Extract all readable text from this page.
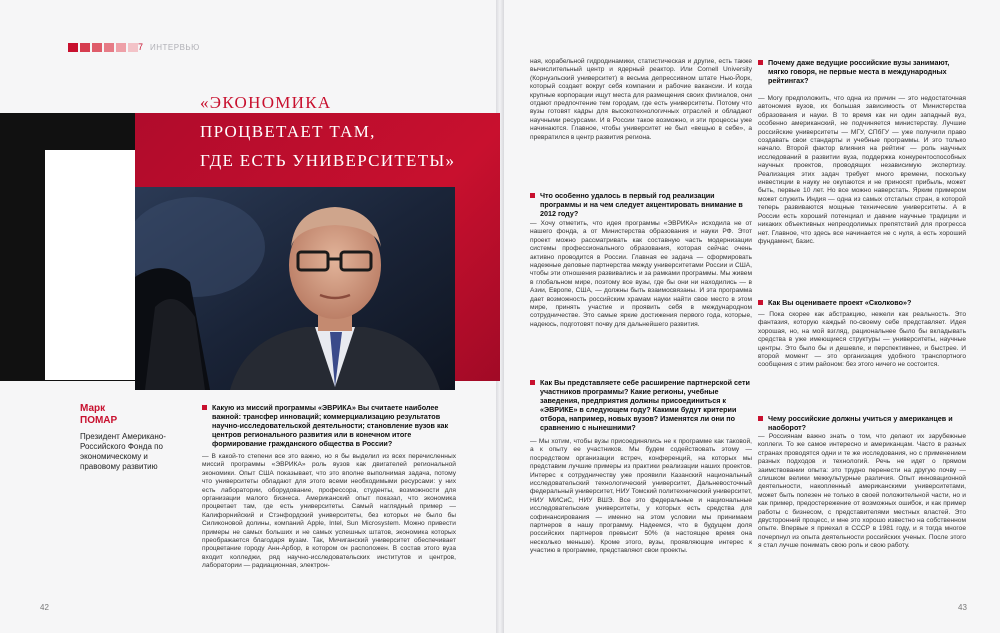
7 ИНТЕРВЬЮ
«ЭКОНОМИКА
ПРОЦВЕТАЕТ ТАМ,
ГДЕ ЕСТЬ УНИВЕРСИТЕТЫ»
Э ЭВРИКА
EURECA
Марк
ПОМАР
Президент Американо-Российского Фонда по экономическому и правовому развитию
Какую из миссий программы «ЭВРИКА» Вы считаете наиболее важной: трансфер инноваций; коммерциализацию результатов научно-исследовательской деятельности; становление вузов как центров регионального развития или в конечном итоге формирование гражданского общества в России?

— В какой-то степени все это важно, но я бы выделил из всех перечисленных миссий программы «ЭВРИКА» роль вузов как двигателей региональной экономики. Опыт США показывает, что это вполне выполнимая задача, потому что университеты обладают для этого всеми необходимыми ресурсами: у них есть лаборатории, оборудование, профессора, студенты, возможности для организации малого бизнеса. Американский опыт показал, что экономика процветает там, где есть университеты. Самый наглядный пример — Калифорнийский и Стэнфордский университеты, без которых не было бы Силиконовой долины, компаний Apple, Intel, Sun Microsystem. Можно привести примеры не самых больших и не самых успешных штатов, экономика которых преображается благодаря вузам. Так, Мичиганский университет обеспечивает процветание городу Анн-Арбор, в котором он расположен. В состав этого вуза входит колледжи, ряд научно-исследовательских институтов и центров, лаборатории — радиационная, электрон-

42

ная, корабельной гидродинамики, статистическая и другие, есть также вычислительный центр и ядерный реактор. Или Cornell University (Корнуэльский университет) в весьма депрессивном штате Нью-Йорк, который создает вокруг себя компании и рабочие вакансии. И когда крупные корпорации ищут места для размещения своих филиалов, они отдают предпочтение тем городам, где есть университеты. Потому что вузы готовят кадры для высокотехнологичных отраслей и обладают научными ресурсами. И в России такое возможно, и эти процессы уже начинаются. Главное, чтобы университет не был «вещью в себе», а превратился в центр развития региона.

Что особенно удалось в первый год реализации программы и на чем следует акцентировать внимание в 2012 году?

— Хочу отметить, что идея программы «ЭВРИКА» исходила не от нашего фонда, а от Министерства образования и науки РФ. Этот проект можно рассматривать как составную часть модернизации системы профессионального образования, которая сейчас очень активно проводится в России. Главная ее задача — сформировать надежные деловые партнерства между университетами России и США, чтобы эти отношения развивались и за рамками программы. Мы живем в глобальном мире, поэтому все вузы, где бы они ни находились — в Азии, Европе, США, — должны быть взаимосвязаны. И эта программа дает возможность российским храмам науки найти свое место в этом мире, принять участие и проявить себя в международном сотрудничестве. Это самые яркие достижения первого года, которые, надеюсь, подготовят почву для дальнейшего развития.

Как Вы представляете себе расширение партнерской сети участников программы? Какие регионы, учебные заведения, предприятия должны присоединиться к «ЭВРИКЕ» в следующем году? Какими будут критерии отбора, например, новых вузов? Изменятся ли они по сравнению с нынешними?

— Мы хотим, чтобы вузы присоединялись не к программе как таковой, а к опыту ее участников. Мы будем содействовать этому — посредством организации встреч, конференций, на которых мы представим лучшие примеры из практики реализации наших проектов. Интерес к сотрудничеству уже проявили Казанский национальный исследовательский технологический университет, Дальневосточный федеральный университет, НИУ Томский политехнический университет, НИУ МИСиС, НИУ ВШЭ. Все это федеральные и национальные исследовательские университеты, у которых есть средства для софинансирования — именно на этом условии мы принимаем партнеров в нашу программу. Надеемся, что в будущем доля российских партнеров превысит 50% (в настоящее время она несколько меньше). Кроме этого, вузы, проявляющие интерес к участию в программе, представляют свои проекты.

Почему даже ведущие российские вузы занимают, мягко говоря, не первые места в международных рейтингах?

— Могу предположить, что одна из причин — это недостаточная автономия вузов, их большая зависимость от Министерства образования и науки. В то время как ни один западный вуз, особенно американский, не подчиняется министерству. Лучшие российские университеты — МГУ, СПбГУ — уже получили право создавать свои стандарты и учебные программы. И это только начало. Второй фактор влияния на рейтинг — роль научных исследований в развитии вуза, поддержка конкурентоспособных научных проектов, проводящих независимую экспертизу. Реализация этих задач требует много времени, поскольку инвестиции в науку не окупаются и не приносят прибыль, может быть, первые 10 лет. Но все можно наверстать. Ярким примером может служить Индия — одна из самых отсталых стран, в которой теперь развиваются мощные технические университеты. А в России есть хороший потенциал и давние научные традиции и никаких объективных непреодолимых препятствий для прогресса нет. Главное, что здесь все начинается не с нуля, а есть хороший фундамент, базис.

Как Вы оцениваете проект «Сколково»?

— Пока скорее как абстракцию, нежели как реальность. Это фантазия, которую каждый по-своему себе представляет. Идея хорошая, но, на мой взгляд, рациональнее было бы вкладывать средства в уже имеющиеся структуры — университеты, научные центры. Это было бы и дешевле, и перспективнее, и быстрее. И второй момент — это организация удобного транспортного сообщения с этим районом: без этого ничего не состоится.

Чему российские должны учиться у американцев и наоборот?

— Россиянам важно знать о том, что делают их зарубежные коллеги. То же самое интересно и американцам. Часто в разных странах проводятся одни и те же исследования, но с применением разных подходов и технологий. Речь не идет о прямом заимствовании опыта: это трудно перенести на другую почву — слишком велики межкультурные различия. Опыт инновационной деятельности, накопленный американскими университетами, может быть полезен не только в своей положительной части, но и как пример, предостережение от возможных ошибок, и как пример работы с бизнесом, с представителями местных властей. Это двусторонний процесс, и мне это хорошо известно на собственном опыте. Впервые я приехал в СССР в 1981 году, и я тогда многое почерпнул из опыта деятельности российских ученых. После этого я стал лучше понимать свою роль и свою работу.

43
